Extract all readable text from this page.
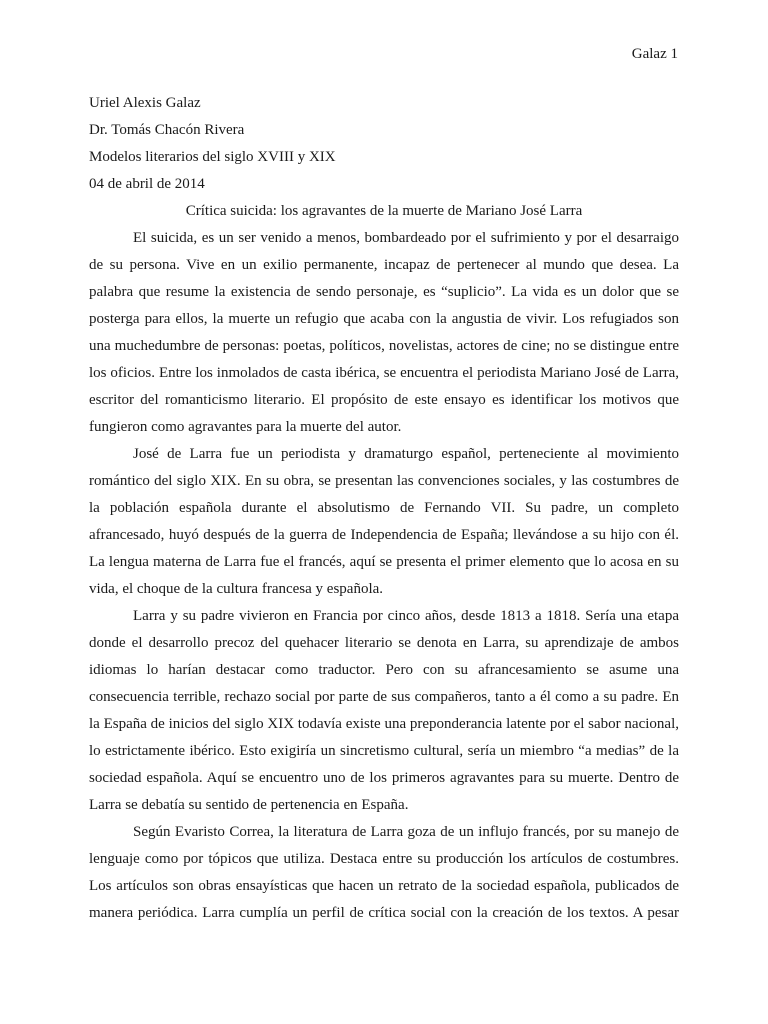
Galaz 1
Uriel Alexis Galaz
Dr. Tomás Chacón Rivera
Modelos literarios del siglo XVIII y XIX
04 de abril de 2014
Crítica suicida: los agravantes de la muerte de Mariano José Larra

El suicida, es un ser venido a menos, bombardeado por el sufrimiento y por el desarraigo de su persona. Vive en un exilio permanente, incapaz de pertenecer al mundo que desea. La palabra que resume la existencia de sendo personaje, es “suplicio”. La vida es un dolor que se posterga para ellos, la muerte un refugio que acaba con la angustia de vivir. Los refugiados son una muchedumbre de personas: poetas, políticos, novelistas, actores de cine; no se distingue entre los oficios. Entre los inmolados de casta ibérica, se encuentra el periodista Mariano José de Larra, escritor del romanticismo literario. El propósito de este ensayo es identificar los motivos que fungieron como agravantes para la muerte del autor.

José de Larra fue un periodista y dramaturgo español, perteneciente al movimiento romántico del siglo XIX. En su obra, se presentan las convenciones sociales, y las costumbres de la población española durante el absolutismo de Fernando VII. Su padre, un completo afrancesado, huyó después de la guerra de Independencia de España; llevándose a su hijo con él. La lengua materna de Larra fue el francés, aquí se presenta el primer elemento que lo acosa en su vida, el choque de la cultura francesa y española.

Larra y su padre vivieron en Francia por cinco años, desde 1813 a 1818. Sería una etapa donde el desarrollo precoz del quehacer literario se denota en Larra, su aprendizaje de ambos idiomas lo harían destacar como traductor. Pero con su afrancesamiento se asume una consecuencia terrible, rechazo social por parte de sus compañeros, tanto a él como a su padre. En la España de inicios del siglo XIX todavía existe una preponderancia latente por el sabor nacional, lo estrictamente ibérico. Esto exigiría un sincretismo cultural, sería un miembro “a medias” de la sociedad española. Aquí se encuentro uno de los primeros agravantes para su muerte. Dentro de Larra se debatía su sentido de pertenencia en España.

Según Evaristo Correa, la literatura de Larra goza de un influjo francés, por su manejo de lenguaje como por tópicos que utiliza. Destaca entre su producción los artículos de costumbres. Los artículos son obras ensayísticas que hacen un retrato de la sociedad española, publicados de manera periódica. Larra cumplía un perfil de crítica social con la creación de los textos. A pesar
